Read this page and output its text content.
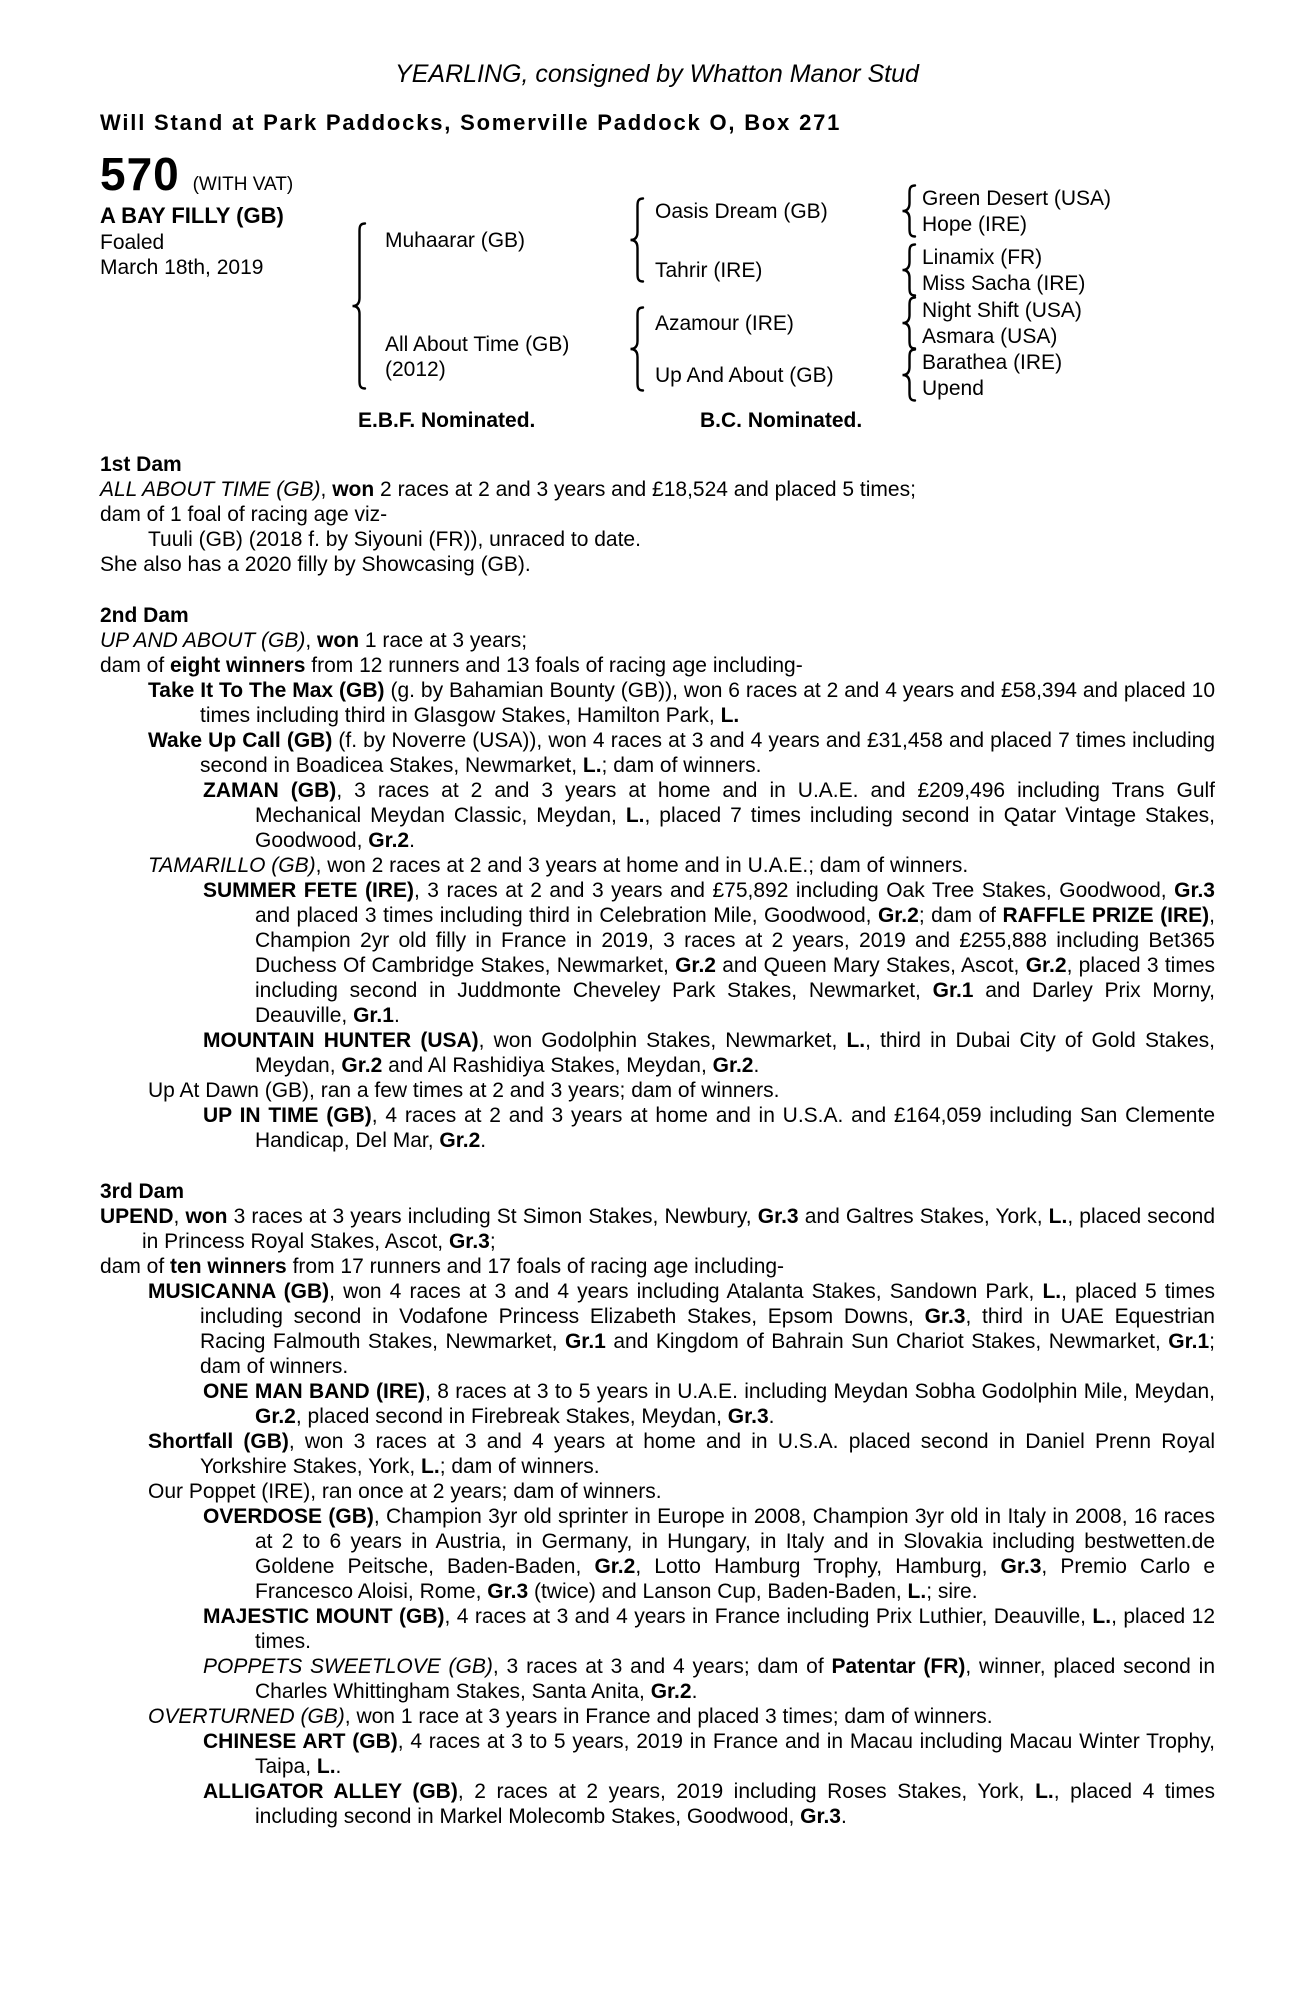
YEARLING, consigned by Whatton Manor Stud
Will Stand at Park Paddocks, Somerville Paddock O, Box 271
570 (WITH VAT)
A BAY FILLY (GB)
Foaled
March 18th, 2019
Muhaarar (GB)
All About Time (GB)
(2012)
Oasis Dream (GB)
Tahrir (IRE)
Azamour (IRE)
Up And About (GB)
Green Desert (USA)
Hope (IRE)
Linamix (FR)
Miss Sacha (IRE)
Night Shift (USA)
Asmara (USA)
Barathea (IRE)
Upend
E.B.F. Nominated.	B.C. Nominated.
1st Dam

ALL ABOUT TIME (GB), won 2 races at 2 and 3 years and £18,524 and placed 5 times;

dam of 1 foal of racing age viz-

Tuuli (GB) (2018 f. by Siyouni (FR)), unraced to date.

She also has a 2020 filly by Showcasing (GB).

2nd Dam

UP AND ABOUT (GB), won 1 race at 3 years;

dam of eight winners from 12 runners and 13 foals of racing age including-

Take It To The Max (GB) (g. by Bahamian Bounty (GB)), won 6 races at 2 and 4 years and £58,394 and placed 10 times including third in Glasgow Stakes, Hamilton Park, L.

Wake Up Call (GB) (f. by Noverre (USA)), won 4 races at 3 and 4 years and £31,458 and placed 7 times including second in Boadicea Stakes, Newmarket, L.; dam of winners.

ZAMAN (GB), 3 races at 2 and 3 years at home and in U.A.E. and £209,496 including Trans Gulf Mechanical Meydan Classic, Meydan, L., placed 7 times including second in Qatar Vintage Stakes, Goodwood, Gr.2.

TAMARILLO (GB), won 2 races at 2 and 3 years at home and in U.A.E.; dam of winners.

SUMMER FETE (IRE), 3 races at 2 and 3 years and £75,892 including Oak Tree Stakes, Goodwood, Gr.3 and placed 3 times including third in Celebration Mile, Goodwood, Gr.2; dam of RAFFLE PRIZE (IRE), Champion 2yr old filly in France in 2019, 3 races at 2 years, 2019 and £255,888 including Bet365 Duchess Of Cambridge Stakes, Newmarket, Gr.2 and Queen Mary Stakes, Ascot, Gr.2, placed 3 times including second in Juddmonte Cheveley Park Stakes, Newmarket, Gr.1 and Darley Prix Morny, Deauville, Gr.1.

MOUNTAIN HUNTER (USA), won Godolphin Stakes, Newmarket, L., third in Dubai City of Gold Stakes, Meydan, Gr.2 and Al Rashidiya Stakes, Meydan, Gr.2.

Up At Dawn (GB), ran a few times at 2 and 3 years; dam of winners.

UP IN TIME (GB), 4 races at 2 and 3 years at home and in U.S.A. and £164,059 including San Clemente Handicap, Del Mar, Gr.2.

3rd Dam

UPEND, won 3 races at 3 years including St Simon Stakes, Newbury, Gr.3 and Galtres Stakes, York, L., placed second in Princess Royal Stakes, Ascot, Gr.3;

dam of ten winners from 17 runners and 17 foals of racing age including-

MUSICANNA (GB), won 4 races at 3 and 4 years including Atalanta Stakes, Sandown Park, L., placed 5 times including second in Vodafone Princess Elizabeth Stakes, Epsom Downs, Gr.3, third in UAE Equestrian Racing Falmouth Stakes, Newmarket, Gr.1 and Kingdom of Bahrain Sun Chariot Stakes, Newmarket, Gr.1; dam of winners.

ONE MAN BAND (IRE), 8 races at 3 to 5 years in U.A.E. including Meydan Sobha Godolphin Mile, Meydan, Gr.2, placed second in Firebreak Stakes, Meydan, Gr.3.

Shortfall (GB), won 3 races at 3 and 4 years at home and in U.S.A. placed second in Daniel Prenn Royal Yorkshire Stakes, York, L.; dam of winners.

Our Poppet (IRE), ran once at 2 years; dam of winners.

OVERDOSE (GB), Champion 3yr old sprinter in Europe in 2008, Champion 3yr old in Italy in 2008, 16 races at 2 to 6 years in Austria, in Germany, in Hungary, in Italy and in Slovakia including bestwetten.de Goldene Peitsche, Baden-Baden, Gr.2, Lotto Hamburg Trophy, Hamburg, Gr.3, Premio Carlo e Francesco Aloisi, Rome, Gr.3 (twice) and Lanson Cup, Baden-Baden, L.; sire.

MAJESTIC MOUNT (GB), 4 races at 3 and 4 years in France including Prix Luthier, Deauville, L., placed 12 times.

POPPETS SWEETLOVE (GB), 3 races at 3 and 4 years; dam of Patentar (FR), winner, placed second in Charles Whittingham Stakes, Santa Anita, Gr.2.

OVERTURNED (GB), won 1 race at 3 years in France and placed 3 times; dam of winners.

CHINESE ART (GB), 4 races at 3 to 5 years, 2019 in France and in Macau including Macau Winter Trophy, Taipa, L..

ALLIGATOR ALLEY (GB), 2 races at 2 years, 2019 including Roses Stakes, York, L., placed 4 times including second in Markel Molecomb Stakes, Goodwood, Gr.3.
